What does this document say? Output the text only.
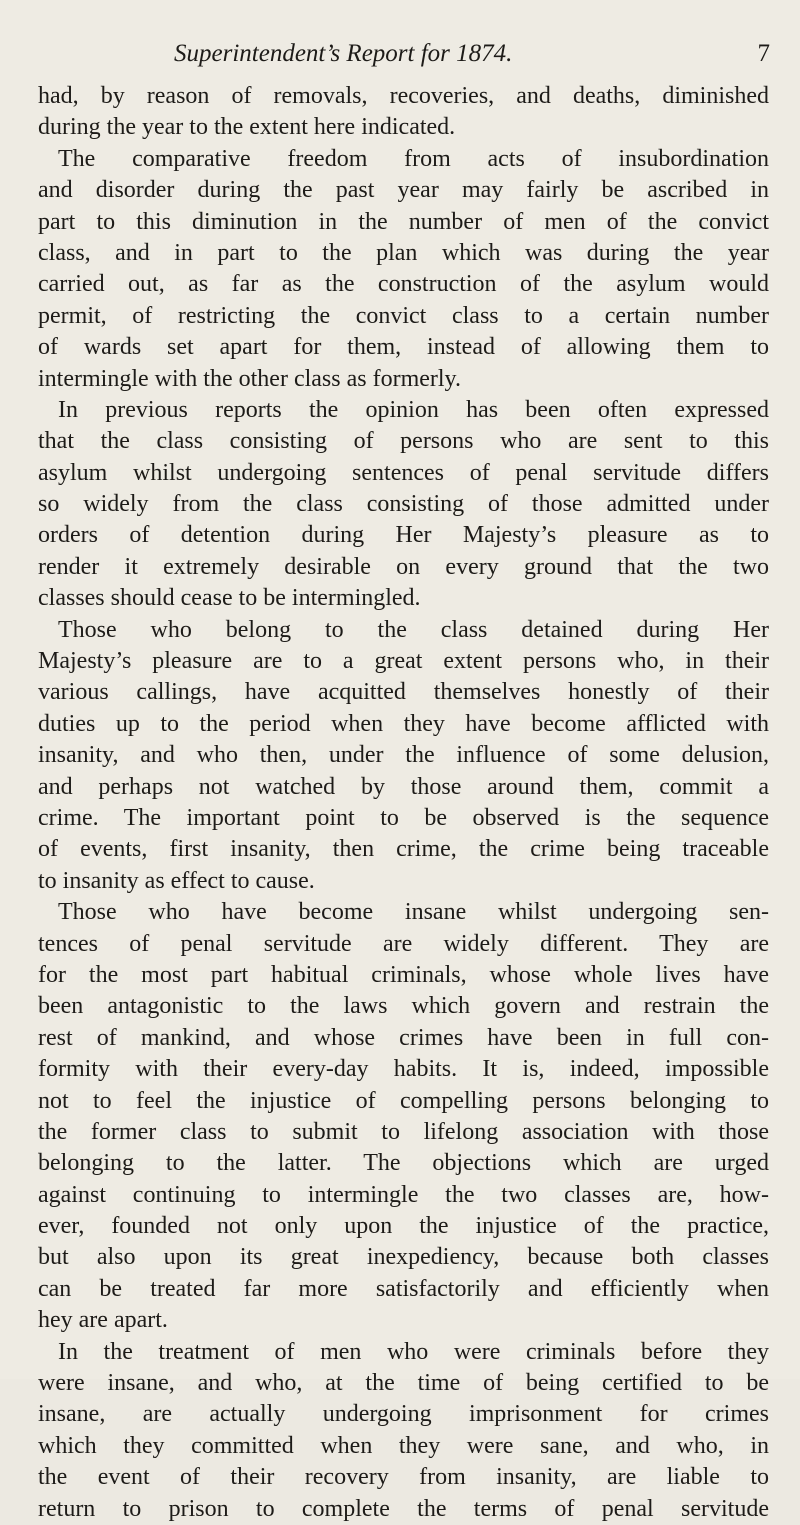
Superintendent’s Report for 1874.	7
had, by reason of removals, recoveries, and deaths, diminished
during the year to the extent here indicated.
The comparative freedom from acts of insubordination
and disorder during the past year may fairly be ascribed in
part to this diminution in the number of men of the convict
class, and in part to the plan which was during the year
carried out, as far as the construction of the asylum would
permit, of restricting the convict class to a certain number
of wards set apart for them, instead of allowing them to
intermingle with the other class as formerly.
In previous reports the opinion has been often expressed
that the class consisting of persons who are sent to this
asylum whilst undergoing sentences of penal servitude differs
so widely from the class consisting of those admitted under
orders of detention during Her Majesty’s pleasure as to
render it extremely desirable on every ground that the two
classes should cease to be intermingled.
Those who belong to the class detained during Her
Majesty’s pleasure are to a great extent persons who, in their
various callings, have acquitted themselves honestly of their
duties up to the period when they have become afflicted with
insanity, and who then, under the influence of some delusion,
and perhaps not watched by those around them, commit a
crime. The important point to be observed is the sequence
of events, first insanity, then crime, the crime being traceable
to insanity as effect to cause.
Those who have become insane whilst undergoing sen-
tences of penal servitude are widely different. They are
for the most part habitual criminals, whose whole lives have
been antagonistic to the laws which govern and restrain the
rest of mankind, and whose crimes have been in full con-
formity with their every-day habits. It is, indeed, impossible
not to feel the injustice of compelling persons belonging to
the former class to submit to lifelong association with those
belonging to the latter. The objections which are urged
against continuing to intermingle the two classes are, how-
ever, founded not only upon the injustice of the practice,
but also upon its great inexpediency, because both classes
can be treated far more satisfactorily and efficiently when
hey are apart.
In the treatment of men who were criminals before they
were insane, and who, at the time of being certified to be
insane, are actually undergoing imprisonment for crimes
which they committed when they were sane, and who, in
the event of their recovery from insanity, are liable to
return to prison to complete the terms of penal servitude
